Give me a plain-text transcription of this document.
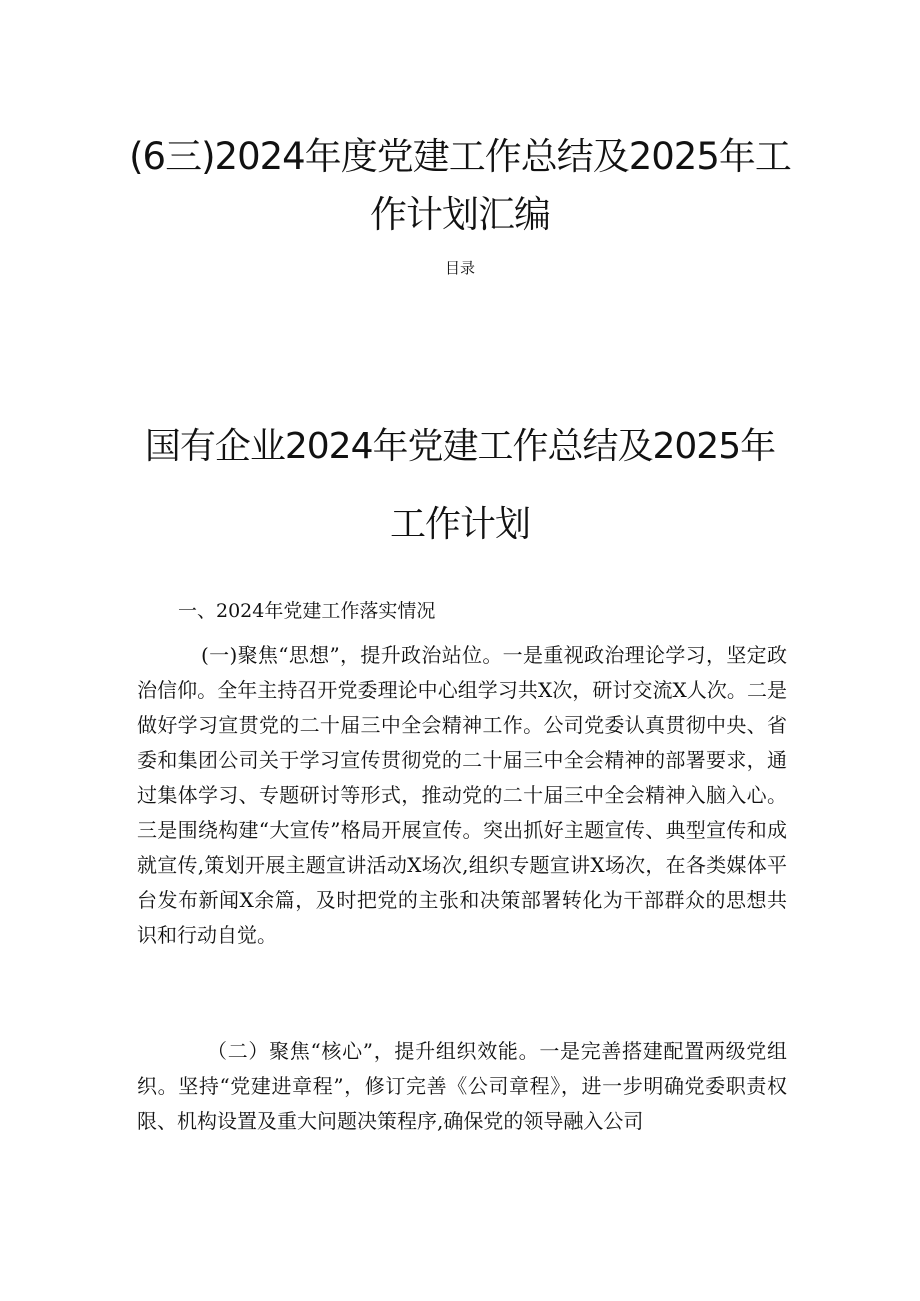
(6三)2024年度党建工作总结及2025年工
作计划汇编
目录
国有企业2024年党建工作总结及2025年
工作计划
一、2024年党建工作落实情况

(一)聚焦“思想”，提升政治站位。一是重视政治理论学习，坚定政治信仰。全年主持召开党委理论中心组学习共X次，研讨交流X人次。二是做好学习宣贯党的二十届三中全会精神工作。公司党委认真贯彻中央、省委和集团公司关于学习宣传贯彻党的二十届三中全会精神的部署要求，通过集体学习、专题研讨等形式，推动党的二十届三中全会精神入脑入心。三是围绕构建“大宣传”格局开展宣传。突出抓好主题宣传、典型宣传和成就宣传,策划开展主题宣讲活动X场次,组织专题宣讲X场次，在各类媒体平台发布新闻X余篇，及时把党的主张和决策部署转化为干部群众的思想共识和行动自觉。

（二）聚焦“核心”，提升组织效能。一是完善搭建配置两级党组织。坚持“党建进章程”，修订完善《公司章程》，进一步明确党委职责权限、机构设置及重大问题决策程序,确保党的领导融入公司
